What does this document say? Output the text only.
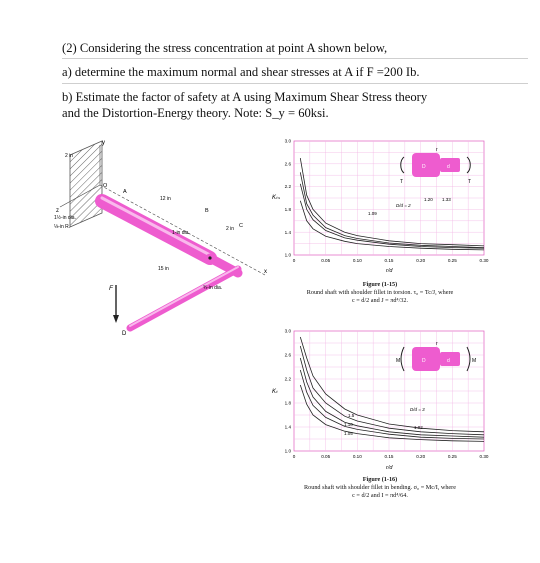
(2) Considering the stress concentration at point A shown below,
a) determine the maximum normal and shear stresses at A if F =200 Ib.
b) Estimate the factor of safety at A using Maximum Shear Stress theory
and the Distortion-Energy theory. Note: S_y = 60ksi.
y
z
x
F
D
2 in
O
A
12 in
B
C
2 in
1½-in dia.
⅛-in R.
1-in dia.
15 in
¾-in dia.
0	0.05	0.10	0.15	0.20	0.25	0.30
1.0
1.4
1.8
2.2
2.6
3.0
Kₜₛ
r/d
D	d
T	T
r
D/d = 2
1.20 1.33
1.09
Figure (1-15)
Round shaft with shoulder fillet in torsion. τ₀ = Tc/J, where
c = d/2 and J = πd⁴/32.
0	0.05	0.10	0.15	0.20	0.25	0.30
1.0
1.4
1.8
2.2
2.6
3.0
Kₜ
r/d
D	d
M	M
r
D/d = 3
1.5
1.10
1.05
1.02
Figure (1-16)
Round shaft with shoulder fillet in bending. σ₀ = Mc/I, where
c = d/2 and I = πd⁴/64.
